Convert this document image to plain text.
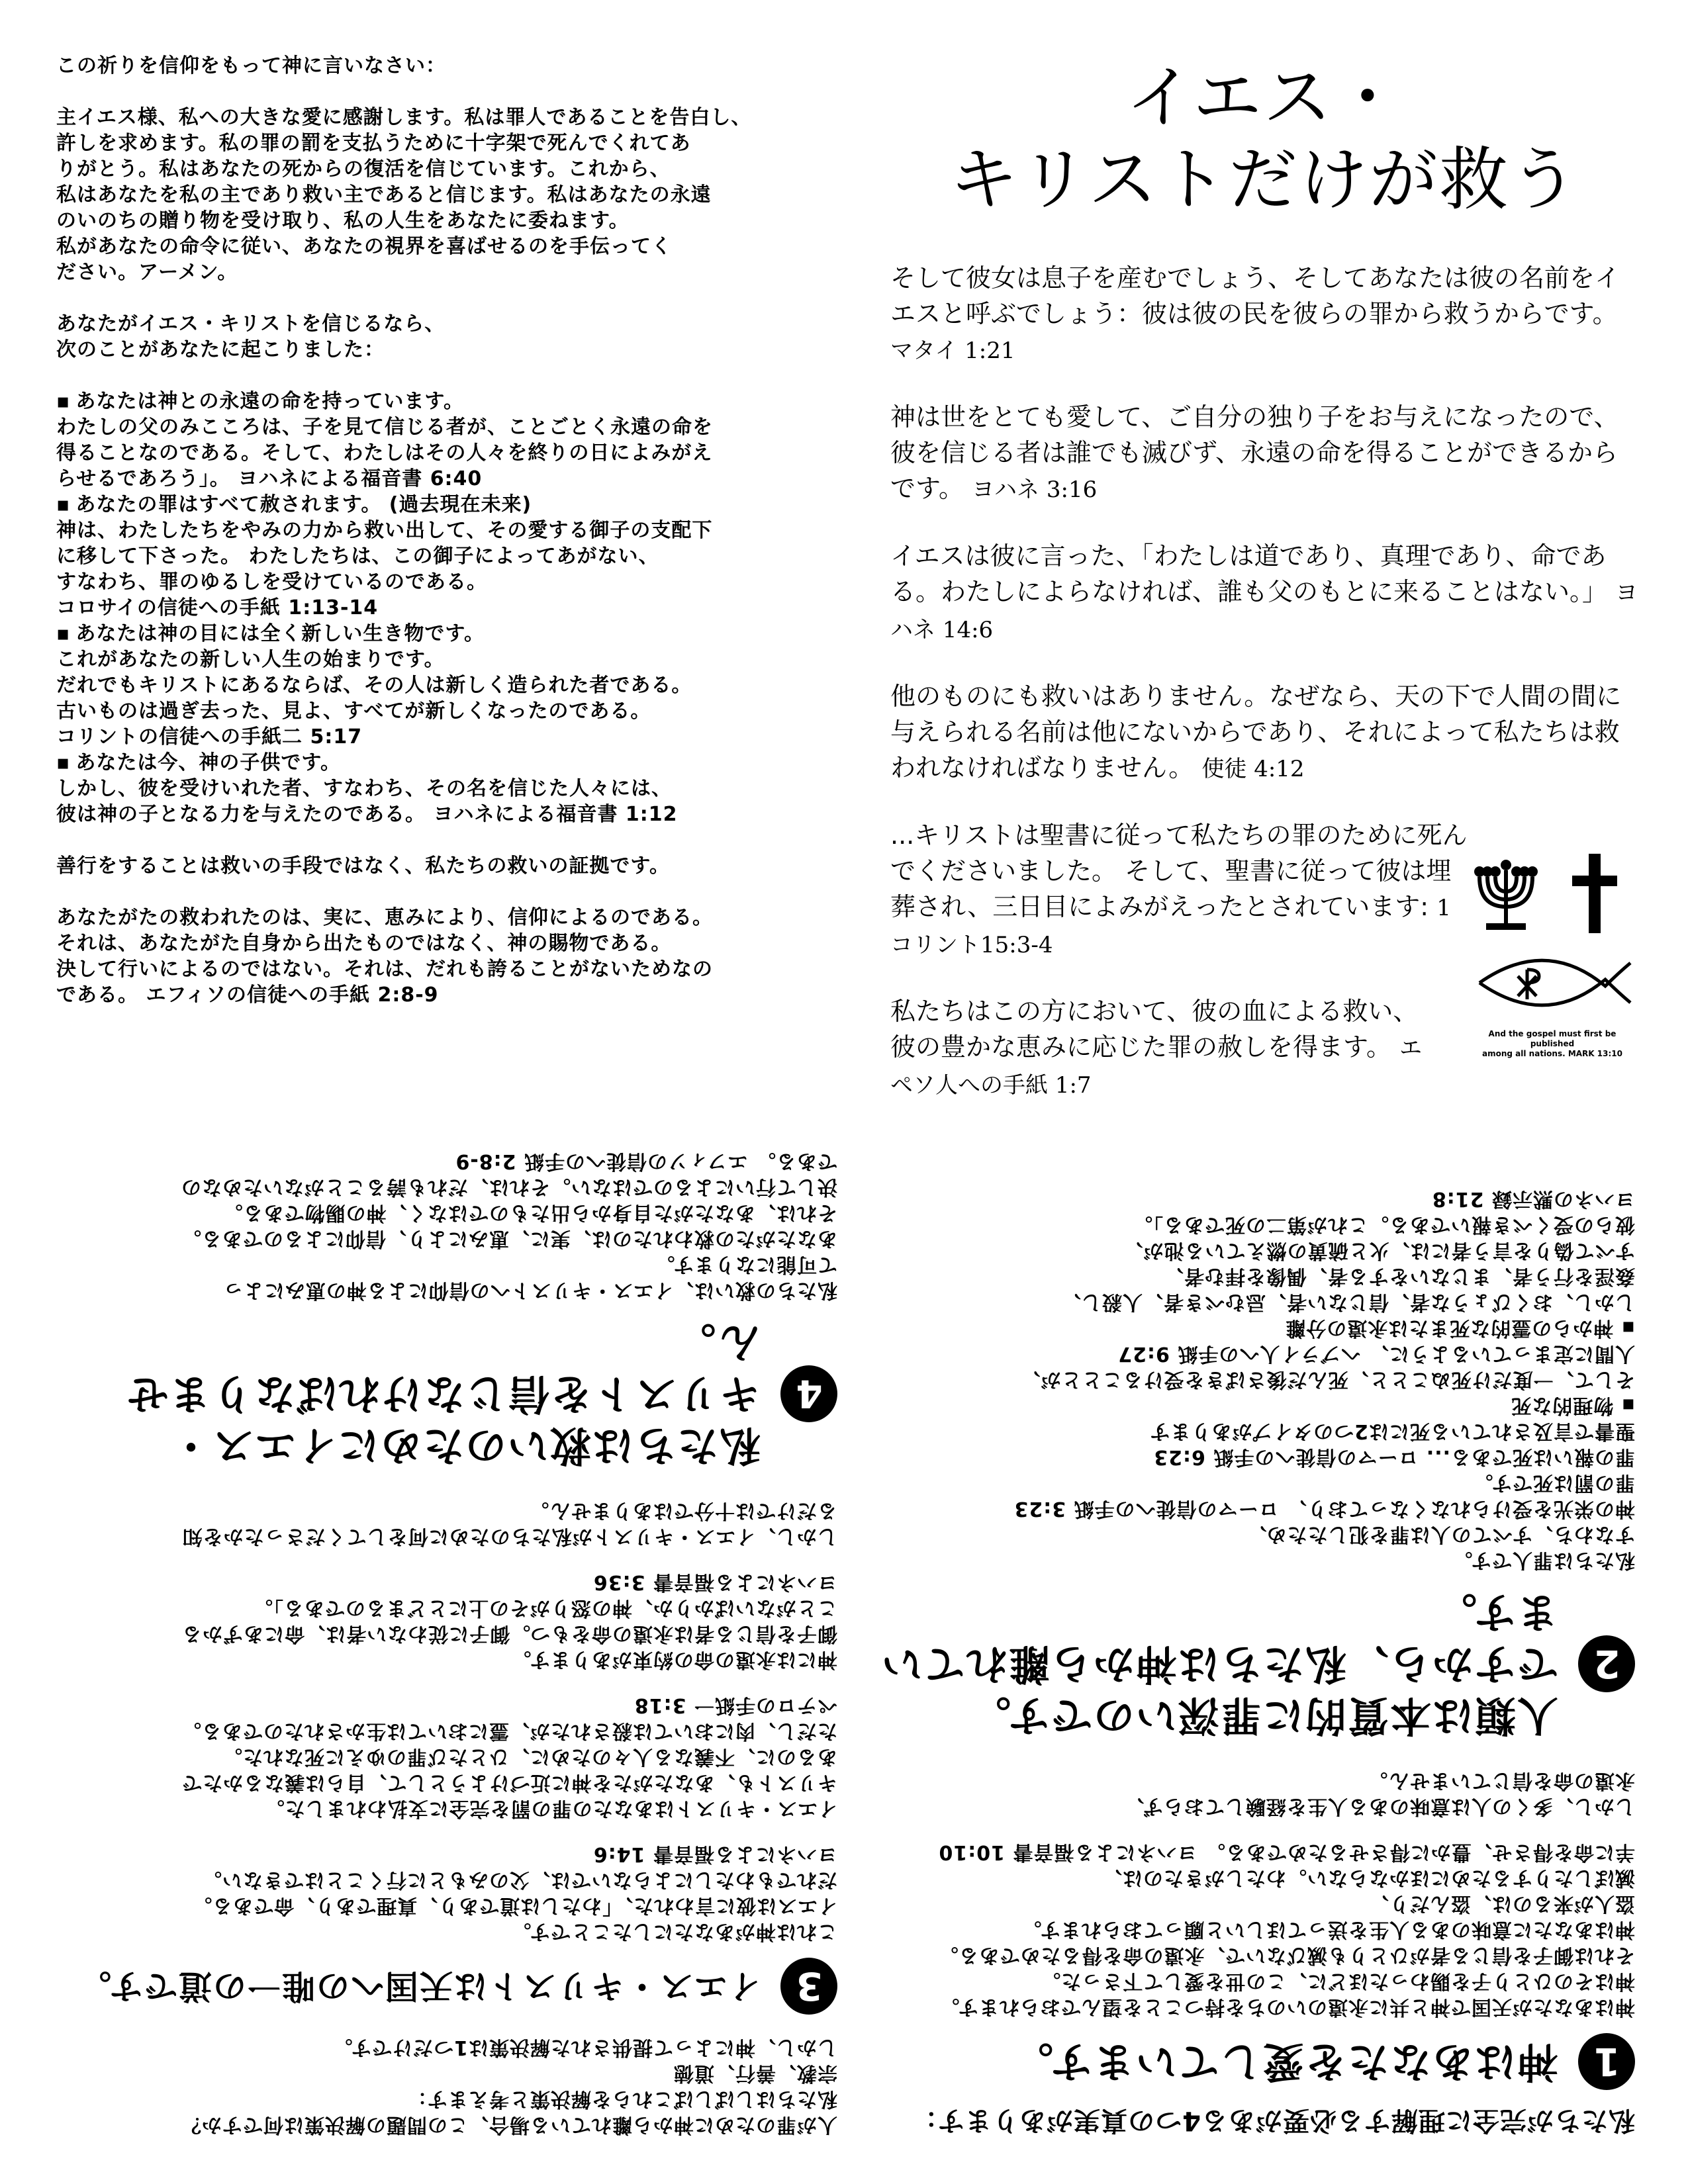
この祈りを信仰をもって神に言いなさい：

主イエス様、私への大きな愛に感謝します。私は罪人であることを告白し、

許しを求めます。私の罪の罰を支払うために十字架で死んでくれてあ

りがとう。私はあなたの死からの復活を信じています。これから、

私はあなたを私の主であり救い主であると信じます。私はあなたの永遠

のいのちの贈り物を受け取り、私の人生をあなたに委ねます。

私があなたの命令に従い、あなたの視界を喜ばせるのを手伝ってく

ださい。アーメン。

あなたがイエス・キリストを信じるなら、

次のことがあなたに起こりました：

▪ あなたは神との永遠の命を持っています。

わたしの父のみこころは、子を見て信じる者が、ことごとく永遠の命を

得ることなのである。そして、わたしはその人々を終りの日によみがえ

らせるであろう」。 ヨハネによる福音書 6:40

▪ あなたの罪はすべて赦されます。 (過去現在未来)

神は、わたしたちをやみの力から救い出して、その愛する御子の支配下

に移して下さった。 わたしたちは、この御子によってあがない、

すなわち、罪のゆるしを受けているのである。

コロサイの信徒への手紙 1:13-14

▪ あなたは神の目には全く新しい生き物です。

これがあなたの新しい人生の始まりです。

だれでもキリストにあるならば、その人は新しく造られた者である。

古いものは過ぎ去った、見よ、すべてが新しくなったのである。

コリントの信徒への手紙二 5:17

▪ あなたは今、神の子供です。

しかし、彼を受けいれた者、すなわち、その名を信じた人々には、

彼は神の子となる力を与えたのである。 ヨハネによる福音書 1:12

善行をすることは救いの手段ではなく、私たちの救いの証拠です。

あなたがたの救われたのは、実に、恵みにより、信仰によるのである。

それは、あなたがた自身から出たものではなく、神の賜物である。

決して行いによるのではない。それは、だれも誇ることがないためなの

である。 エフィソの信徒への手紙 2:8-9

イエス・
キリストだけが救う

そして彼女は息子を産むでしょう、そしてあなたは彼の名前をイエスと呼ぶでしょう：彼は彼の民を彼らの罪から救うからです。 マタイ 1:21

神は世をとても愛して、ご自分の独り子をお与えになったので、彼を信じる者は誰でも滅びず、永遠の命を得ることができるからです。 ヨハネ 3:16

イエスは彼に言った、「わたしは道であり、真理であり、命である。わたしによらなければ、誰も父のもとに来ることはない。」 ヨハネ 14:6

他のものにも救いはありません。なぜなら、天の下で人間の間に与えられる名前は他にないからであり、それによって私たちは救われなければなりません。 使徒 4:12

...キリストは聖書に従って私たちの罪のために死んでくださいました。 そして、聖書に従って彼は埋葬され、三日目によみがえったとされています: 1コリント15:3-4

私たちはこの方において、彼の血による救い、彼の豊かな恵みに応じた罪の赦しを得ます。 エペソ人への手紙 1:7

And the gospel must first be published
among all nations. MARK 13:10

人が罪のために神から離れている場合、この問題の解決策は何ですか？

私たちはしばしばこれらを解決策と考えます：

宗教、善行、道徳

しかし、神によって提供された解決策は1つだけです。

3
イエス・キリストは天国への唯一の道です。

これは神があなたにしたことです。

イエスは彼に言われた、「わたしは道であり、真理であり、命である。

だれでもわたしによらないでは、父のみもとに行くことはできない。

ヨハネによる福音書 14:6

イエス・キリストはあなたの罪の罰を完全に支払われました。

キリストも、あなたがたを神に近づけようとして、自らは義なるかたで

あるのに、不義なる人々のために、ひとたび罪のゆえに死なれた。

ただし、肉においては殺されたが、霊においては生かされたのである。

ペテロの手紙一 3:18

神には永遠の命の約束があります。

御子を信じる者は永遠の命をもつ。御子に従わない者は、命にあずかる

ことがないばかりか、神の怒りがその上にとどまるのである」。

ヨハネによる福音書 3:36

しかし、イエス・キリストが私たちのために何をしてくださったかを知

るだけでは十分ではありません。

4
私たちは救いのためにイエス・
キリストを信じなければなりません。

私たちの救いは、イエス・キリストへの信仰による神の恵みによっ

て可能になります。

あなたがたの救われたのは、実に、恵みにより、信仰によるのである。

それは、あなたがた自身から出たものではなく、神の賜物である。

決して行いによるのではない。それは、だれも誇ることがないためなの

である。 エフィソの信徒への手紙 2:8-9

私たちが完全に理解する必要がある4つの真実があります：

1
神はあなたを愛しています。

神はあなたが天国で神と共に永遠のいのちを持つことを望んでおられます。

神はそのひとり子を賜わったほどに、この世を愛して下さった。

それは御子を信じる者がひとりも滅びないで、永遠の命を得るためである。

神はあなたに意味のある人生を送ってほしいと願っておられます。

盗人が来るのは、盗んだり、

滅ぼしたりするためにほかならない。わたしがきたのは、

羊に命を得させ、豊かに得させるためである。 ヨハネによる福音書 10:10

しかし、多くの人は意味のある人生を経験しておらず、

永遠の命を信じていません。

2
人類は本質的に罪深いのです。
ですから、私たちは神から離れています。

私たちは罪人です。

すなわち、すべての人は罪を犯したため、

神の栄光を受けられなくなっており、 ローマの信徒への手紙 3:23

罪の罰は死です。

罪の報いは死である... ローマの信徒への手紙 6:23

聖書で言及されている死には2つのタイプがあります

▪ 物理的な死

そして、一度だけ死ぬことと、死んだ後さばきを受けることとが、

人間に定まっているように、 ヘブライ人への手紙 9:27

▪ 神からの霊的な死または永遠の分離

しかし、おくびょうな者、信じない者、忌むべき者、人殺し、

姦淫を行う者、まじないをする者、偶像を拝む者、

すべて偽りを言う者には、火と硫黄の燃えている池が、

彼らの受くべき報いである。これが第二の死である」。

ヨハネの黙示録 21:8
